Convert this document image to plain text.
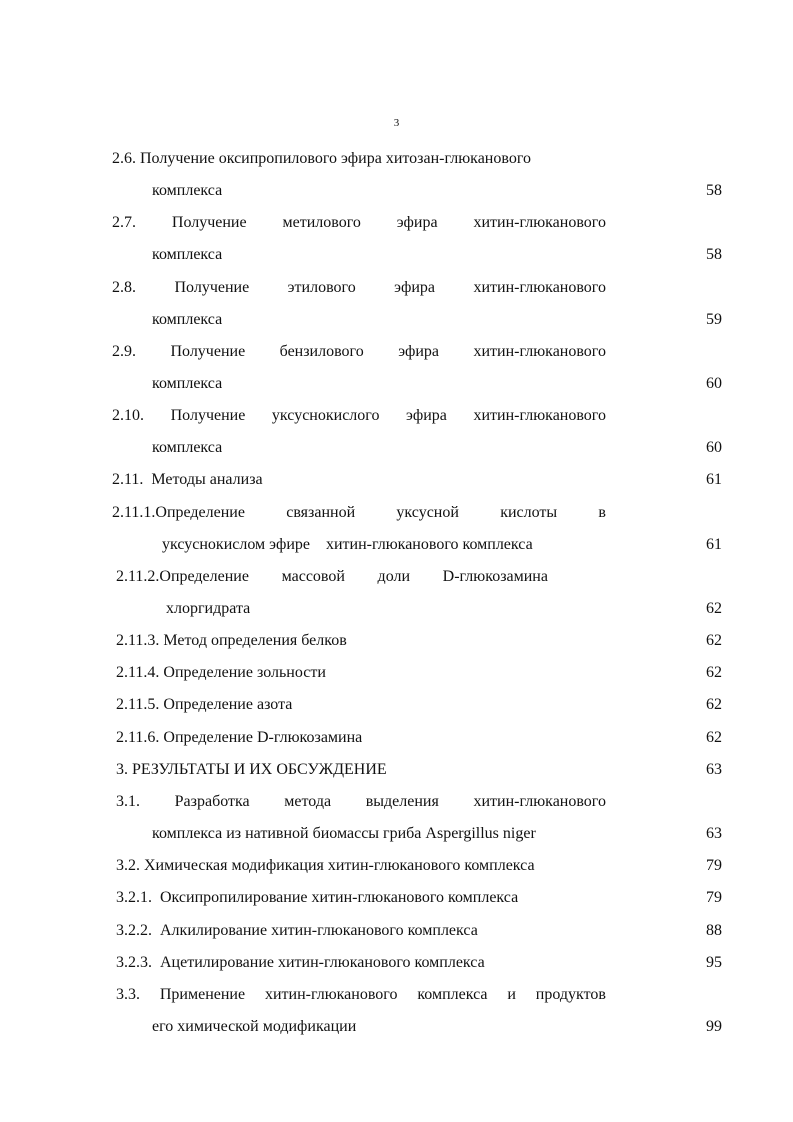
3
2.6. Получение оксипропилового эфира хитозан-глюканового
комплекса	58
2.7. Получение метилового эфира хитин-глюканового
комплекса	58
2.8. Получение этилового эфира хитин-глюканового
комплекса	59
2.9. Получение бензилового эфира хитин-глюканового
комплекса	60
2.10. Получение уксуснокислого эфира хитин-глюканового
комплекса	60
2.11.  Методы анализа	61
2.11.1.Определение	связанной	уксусной	кислоты	в
уксуснокислом эфире    хитин-глюканового комплекса	61
2.11.2.Определение массовой доли D-глюкозамина
хлоргидрата	62
2.11.3. Метод определения белков	62
2.11.4. Определение зольности	62
2.11.5. Определение азота	62
2.11.6. Определение D-глюкозамина	62
3. РЕЗУЛЬТАТЫ И ИХ ОБСУЖДЕНИЕ	63
3.1. Разработка метода выделения хитин-глюканового
комплекса из нативной биомассы гриба Aspergillus niger	63
3.2. Химическая модификация хитин-глюканового комплекса	79
3.2.1.  Оксипропилирование хитин-глюканового комплекса	79
3.2.2.  Алкилирование хитин-глюканового комплекса	88
3.2.3.  Ацетилирование хитин-глюканового комплекса	95
3.3. Применение хитин-глюканового комплекса и продуктов
его химической модификации	99
